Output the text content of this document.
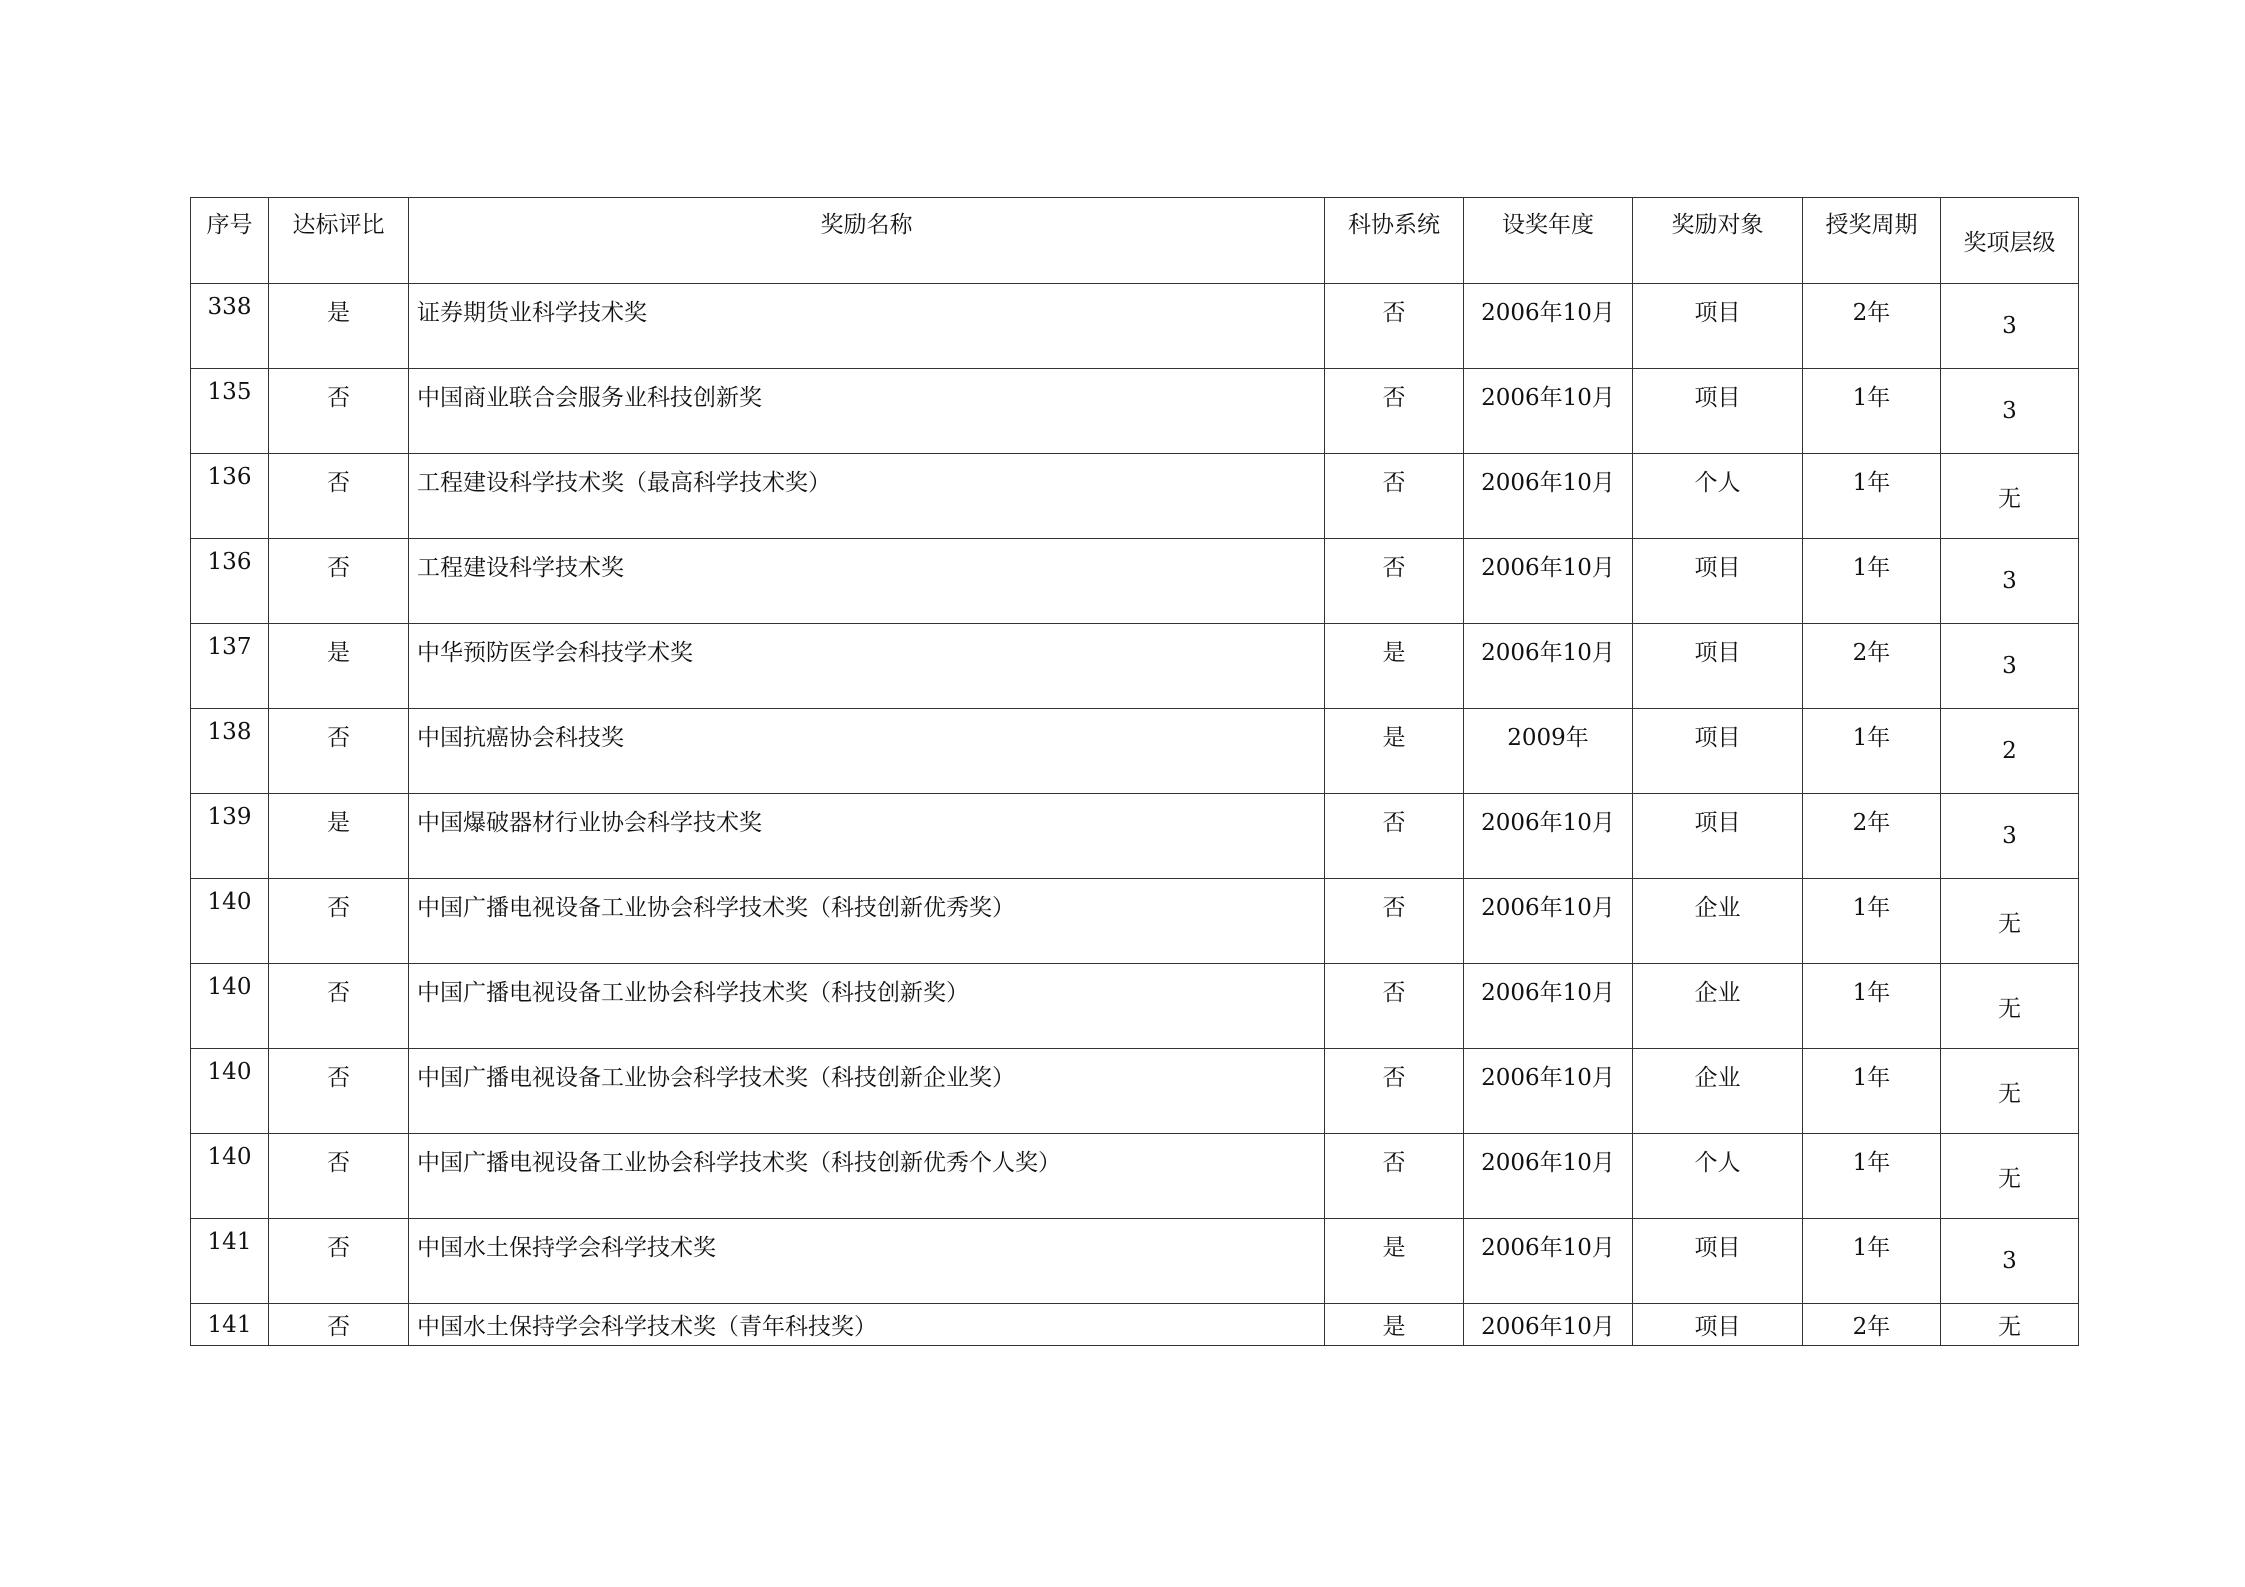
序号	达标评比	奖励名称	科协系统	设奖年度	奖励对象	授奖周期	奖项层级
338	是	证券期货业科学技术奖	否	2006年10月	项目	2年	3
135	否	中国商业联合会服务业科技创新奖	否	2006年10月	项目	1年	3
136	否	工程建设科学技术奖（最高科学技术奖）	否	2006年10月	个人	1年	无
136	否	工程建设科学技术奖	否	2006年10月	项目	1年	3
137	是	中华预防医学会科技学术奖	是	2006年10月	项目	2年	3
138	否	中国抗癌协会科技奖	是	2009年	项目	1年	2
139	是	中国爆破器材行业协会科学技术奖	否	2006年10月	项目	2年	3
140	否	中国广播电视设备工业协会科学技术奖（科技创新优秀奖）	否	2006年10月	企业	1年	无
140	否	中国广播电视设备工业协会科学技术奖（科技创新奖）	否	2006年10月	企业	1年	无
140	否	中国广播电视设备工业协会科学技术奖（科技创新企业奖）	否	2006年10月	企业	1年	无
140	否	中国广播电视设备工业协会科学技术奖（科技创新优秀个人奖）	否	2006年10月	个人	1年	无
141	否	中国水土保持学会科学技术奖	是	2006年10月	项目	1年	3
141	否	中国水土保持学会科学技术奖（青年科技奖）	是	2006年10月	项目	2年	无
